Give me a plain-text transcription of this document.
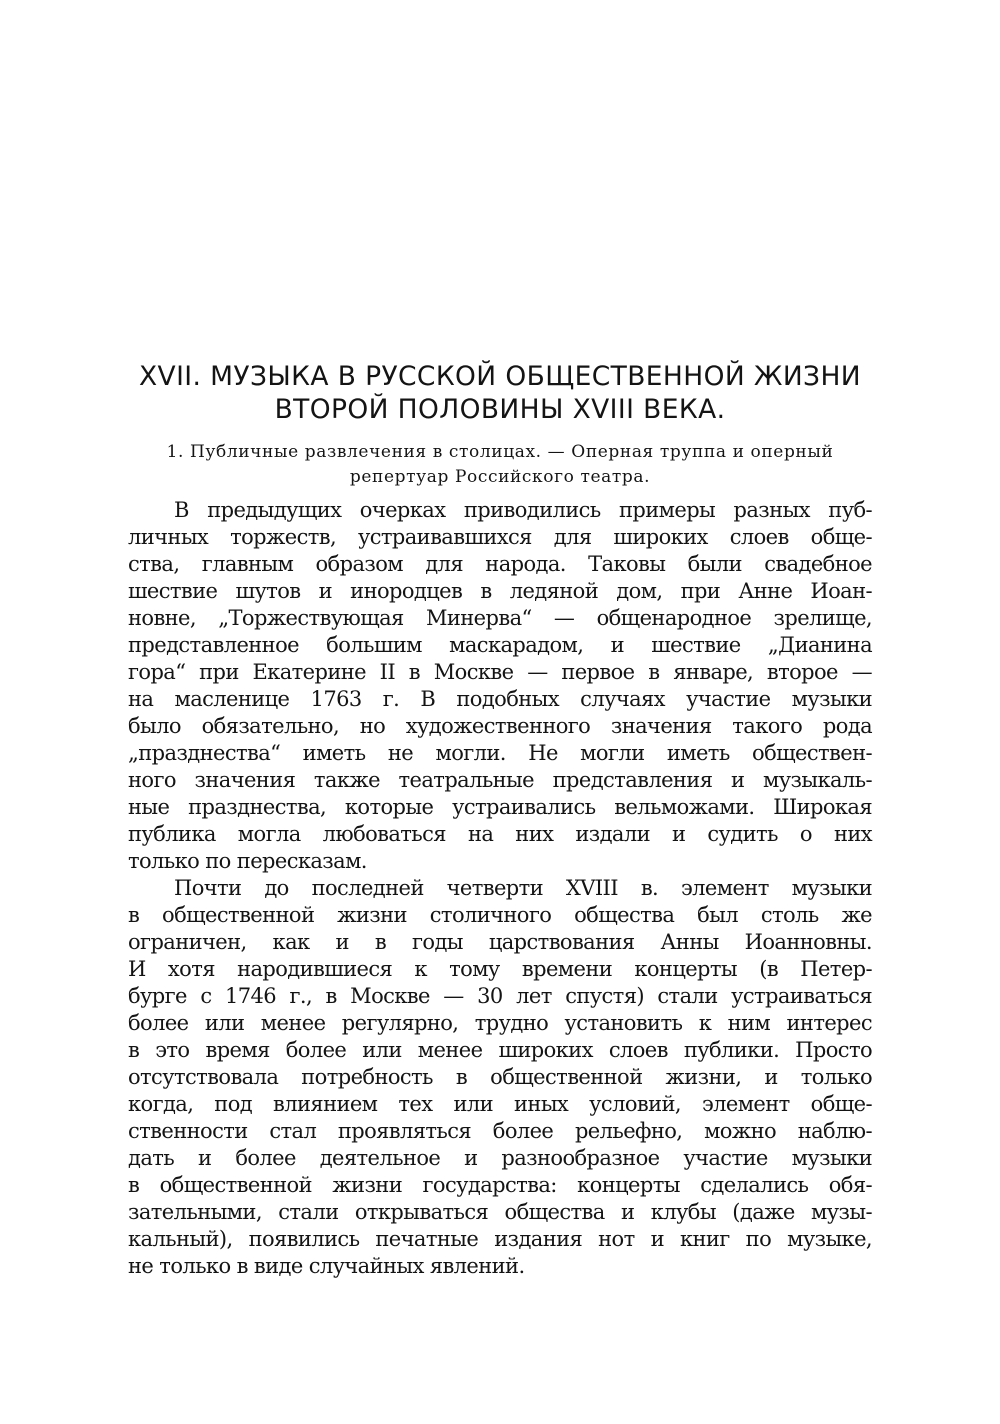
XVII. МУЗЫКА В РУССКОЙ ОБЩЕСТВЕННОЙ ЖИЗНИ
ВТОРОЙ ПОЛОВИНЫ XVIII ВЕКА.
1. Публичные развлечения в столицах. — Оперная труппа и оперный
репертуар Российского театра.

В предыдущих очерках приводились примеры разных пуб-
личных торжеств, устраивавшихся для широких слоев обще-
ства, главным образом для народа. Таковы были свадебное
шествие шутов и инородцев в ледяной дом, при Анне Иоан-
новне, „Торжествующая Минерва“ — общенародное зрелище,
представленное большим маскарадом, и шествие „Дианина
гора“ при Екатерине II в Москве — первое в январе, второе —
на масленице 1763 г. В подобных случаях участие музыки
было обязательно, но художественного значения такого рода
„празднества“ иметь не могли. Не могли иметь обществен-
ного значения также театральные представления и музыкаль-
ные празднества, которые устраивались вельможами. Широкая
публика могла любоваться на них издали и судить о них
только по пересказам.

Почти до последней четверти XVIII в. элемент музыки
в общественной жизни столичного общества был столь же
ограничен, как и в годы царствования Анны Иоанновны.
И хотя народившиеся к тому времени концерты (в Петер-
бурге с 1746 г., в Москве — 30 лет спустя) стали устраиваться
более или менее регулярно, трудно установить к ним интерес
в это время более или менее широких слоев публики. Просто
отсутствовала потребность в общественной жизни, и только
когда, под влиянием тех или иных условий, элемент обще-
ственности стал проявляться более рельефно, можно наблю-
дать и более деятельное и разнообразное участие музыки
в общественной жизни государства: концерты сделались обя-
зательными, стали открываться общества и клубы (даже музы-
кальный), появились печатные издания нот и книг по музыке,
не только в виде случайных явлений.
